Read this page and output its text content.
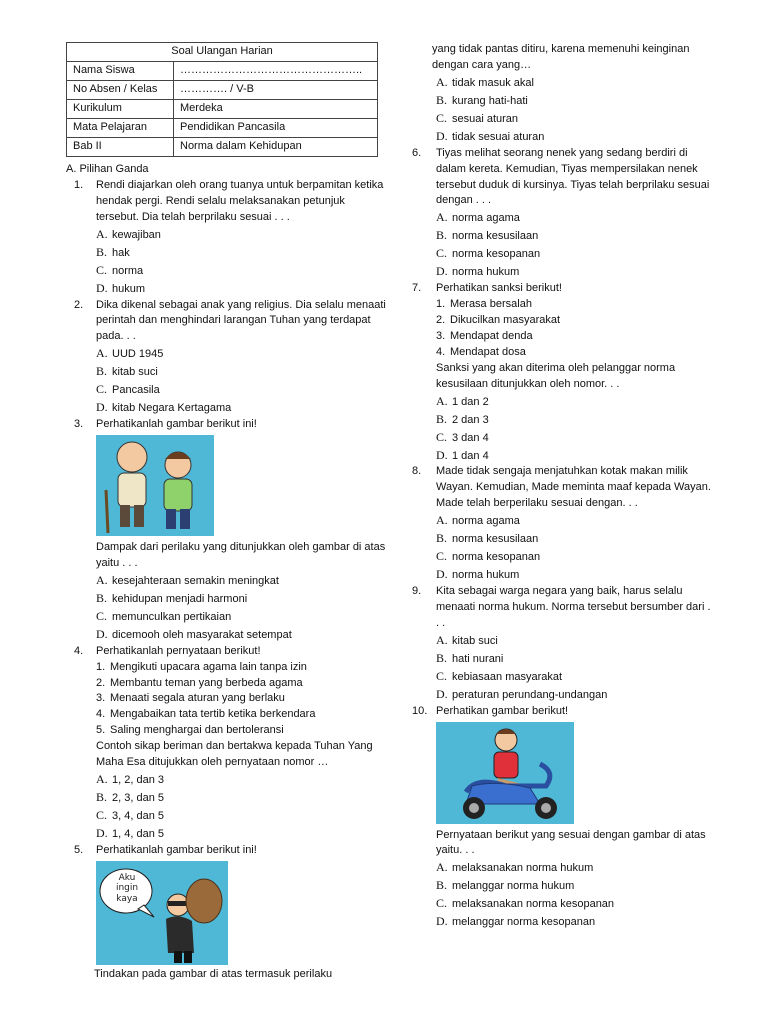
Soal Ulangan Harian	
Nama Siswa	…………………………………………..
No Absen / Kelas	…………. / V-B
Kurikulum	Merdeka
Mata Pelajaran	Pendidikan Pancasila
Bab II	Norma dalam Kehidupan

A. Pilihan Ganda

1. Rendi diajarkan oleh orang tuanya untuk berpamitan ketika hendak pergi. Rendi selalu melaksanakan petunjuk tersebut. Dia telah berprilaku sesuai . . .

A. kewajiban

B. hak

C. norma

D. hukum

2. Dika dikenal sebagai anak yang religius. Dia selalu menaati perintah dan menghindari larangan Tuhan yang terdapat pada. . .

A. UUD 1945

B. kitab suci

C. Pancasila

D. kitab Negara Kertagama

3. Perhatikanlah gambar berikut ini!

Dampak dari perilaku yang ditunjukkan oleh gambar di atas yaitu . . .

A. kesejahteraan semakin meningkat

B. kehidupan menjadi harmoni

C. memunculkan pertikaian

D. dicemooh oleh masyarakat setempat

4. Perhatikanlah pernyataan berikut!

1. Mengikuti upacara agama lain tanpa izin

2. Membantu teman yang berbeda agama

3. Menaati segala aturan yang berlaku

4. Mengabaikan tata tertib ketika berkendara

5. Saling menghargai dan bertoleransi

Contoh sikap beriman dan bertakwa kepada Tuhan Yang Maha Esa ditujukkan oleh pernyataan nomor …

A. 1, 2, dan 3

B. 2, 3, dan 5

C. 3, 4, dan 5

D. 1, 4, dan 5

5. Perhatikanlah gambar berikut ini!

Aku
ingin
kaya

Tindakan pada gambar di atas termasuk perilaku

yang tidak pantas ditiru, karena memenuhi keinginan dengan cara yang…

A. tidak masuk akal

B. kurang hati-hati

C. sesuai aturan

D. tidak sesuai aturan

6. Tiyas melihat seorang nenek yang sedang berdiri di dalam kereta. Kemudian, Tiyas mempersilakan nenek tersebut duduk di kursinya. Tiyas telah berprilaku sesuai dengan . . .

A. norma agama

B. norma kesusilaan

C. norma kesopanan

D. norma hukum

7. Perhatikan sanksi berikut!

1. Merasa bersalah

2. Dikucilkan masyarakat

3. Mendapat denda

4. Mendapat dosa

Sanksi yang akan diterima oleh pelanggar norma kesusilaan ditunjukkan oleh nomor. . .

A. 1 dan 2

B. 2 dan 3

C. 3 dan 4

D. 1 dan 4

8. Made tidak sengaja menjatuhkan kotak makan milik Wayan. Kemudian, Made meminta maaf kepada Wayan. Made telah berperilaku sesuai dengan. . .

A. norma agama

B. norma kesusilaan

C. norma kesopanan

D. norma hukum

9. Kita sebagai warga negara yang baik, harus selalu menaati norma hukum. Norma tersebut bersumber dari . . .

A. kitab suci

B. hati nurani

C. kebiasaan masyarakat

D. peraturan perundang-undangan

10. Perhatikan gambar berikut!

Pernyataan berikut yang sesuai dengan gambar di atas yaitu. . .

A. melaksanakan norma hukum

B. melanggar norma hukum

C. melaksanakan norma kesopanan

D. melanggar norma kesopanan
